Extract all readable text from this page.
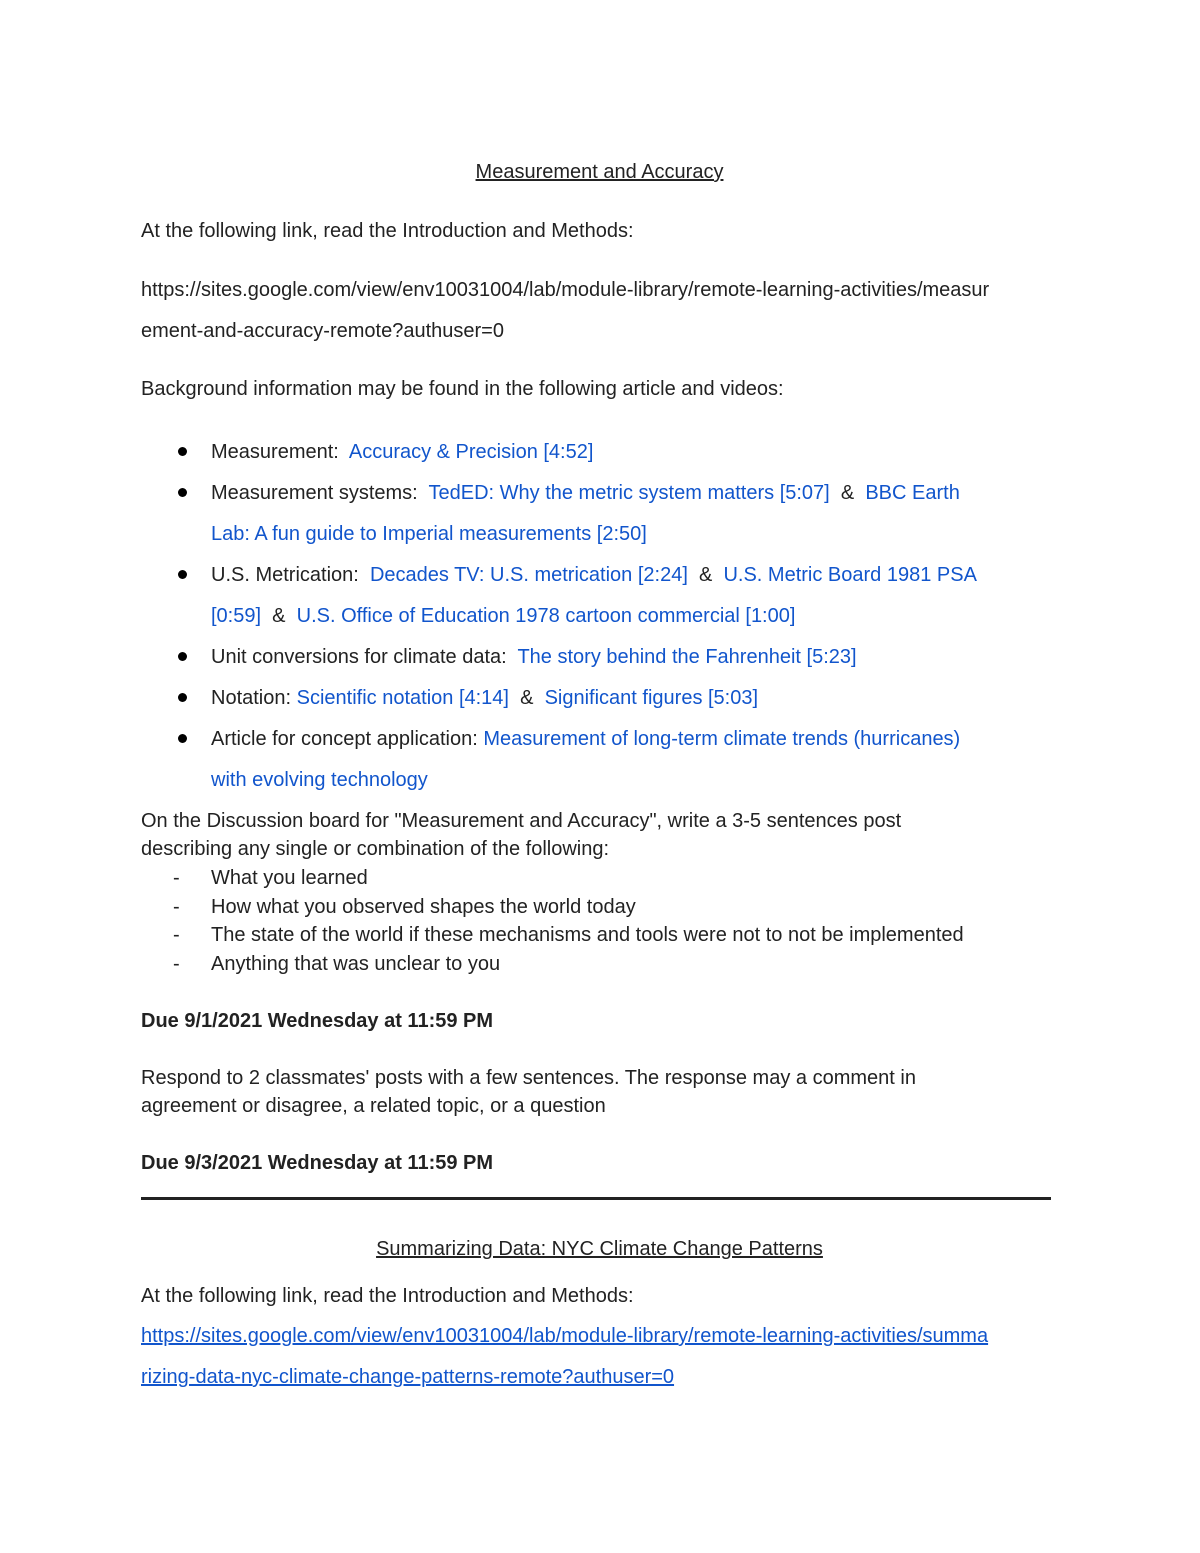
Measurement and Accuracy
At the following link, read the Introduction and Methods:
https://sites.google.com/view/env10031004/lab/module-library/remote-learning-activities/measur
ement-and-accuracy-remote?authuser=0
Background information may be found in the following article and videos:
Measurement: Accuracy & Precision [4:52]
Measurement systems: TedED: Why the metric system matters [5:07] & BBC Earth
Lab: A fun guide to Imperial measurements [2:50]
U.S. Metrication: Decades TV: U.S. metrication [2:24] & U.S. Metric Board 1981 PSA
[0:59] & U.S. Office of Education 1978 cartoon commercial [1:00]
Unit conversions for climate data: The story behind the Fahrenheit [5:23]
Notation: Scientific notation [4:14] & Significant figures [5:03]
Article for concept application: Measurement of long-term climate trends (hurricanes)
with evolving technology
On the Discussion board for "Measurement and Accuracy", write a 3-5 sentences post
describing any single or combination of the following:
- What you learned
- How what you observed shapes the world today
- The state of the world if these mechanisms and tools were not to not be implemented
- Anything that was unclear to you
Due 9/1/2021 Wednesday at 11:59 PM
Respond to 2 classmates' posts with a few sentences. The response may a comment in
agreement or disagree, a related topic, or a question
Due 9/3/2021 Wednesday at 11:59 PM
Summarizing Data: NYC Climate Change Patterns
At the following link, read the Introduction and Methods:
https://sites.google.com/view/env10031004/lab/module-library/remote-learning-activities/summa
rizing-data-nyc-climate-change-patterns-remote?authuser=0
